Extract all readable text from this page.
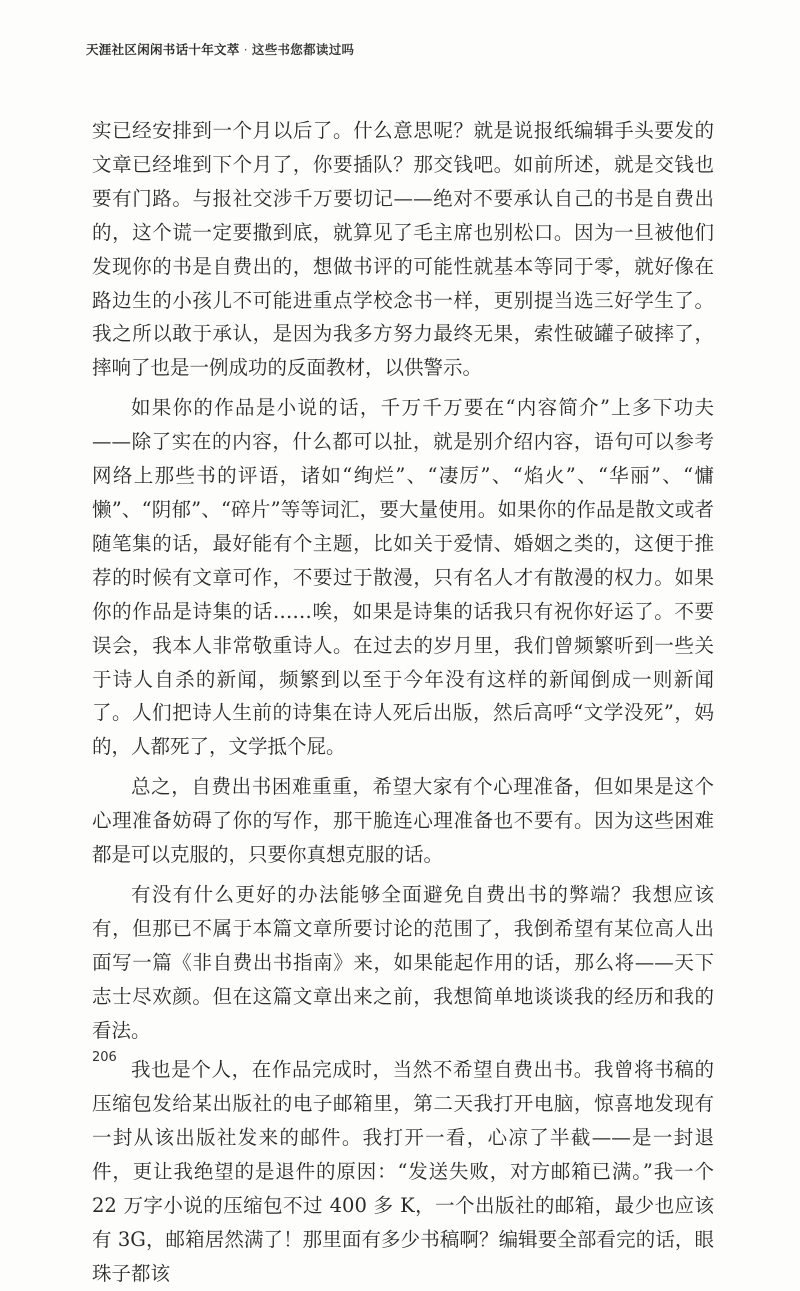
天涯社区闲闲书话十年文萃 · 这些书您都读过吗

实已经安排到一个月以后了。什么意思呢？就是说报纸编辑手头要发的文章已经堆到下个月了，你要插队？那交钱吧。如前所述，就是交钱也要有门路。与报社交涉千万要切记——绝对不要承认自己的书是自费出的，这个谎一定要撒到底，就算见了毛主席也别松口。因为一旦被他们发现你的书是自费出的，想做书评的可能性就基本等同于零，就好像在路边生的小孩儿不可能进重点学校念书一样，更别提当选三好学生了。我之所以敢于承认，是因为我多方努力最终无果，索性破罐子破摔了，摔响了也是一例成功的反面教材，以供警示。

如果你的作品是小说的话，千万千万要在“内容简介”上多下功夫——除了实在的内容，什么都可以扯，就是别介绍内容，语句可以参考网络上那些书的评语，诸如“绚烂”、“凄厉”、“焰火”、“华丽”、“慵懒”、“阴郁”、“碎片”等等词汇，要大量使用。如果你的作品是散文或者随笔集的话，最好能有个主题，比如关于爱情、婚姻之类的，这便于推荐的时候有文章可作，不要过于散漫，只有名人才有散漫的权力。如果你的作品是诗集的话……唉，如果是诗集的话我只有祝你好运了。不要误会，我本人非常敬重诗人。在过去的岁月里，我们曾频繁听到一些关于诗人自杀的新闻，频繁到以至于今年没有这样的新闻倒成一则新闻了。人们把诗人生前的诗集在诗人死后出版，然后高呼“文学没死”，妈的，人都死了，文学抵个屁。

总之，自费出书困难重重，希望大家有个心理准备，但如果是这个心理准备妨碍了你的写作，那干脆连心理准备也不要有。因为这些困难都是可以克服的，只要你真想克服的话。

有没有什么更好的办法能够全面避免自费出书的弊端？我想应该有，但那已不属于本篇文章所要讨论的范围了，我倒希望有某位高人出面写一篇《非自费出书指南》来，如果能起作用的话，那么将——天下志士尽欢颜。但在这篇文章出来之前，我想简单地谈谈我的经历和我的看法。

我也是个人，在作品完成时，当然不希望自费出书。我曾将书稿的压缩包发给某出版社的电子邮箱里，第二天我打开电脑，惊喜地发现有一封从该出版社发来的邮件。我打开一看，心凉了半截——是一封退件，更让我绝望的是退件的原因：“发送失败，对方邮箱已满。”我一个 22 万字小说的压缩包不过 400 多 K，一个出版社的邮箱，最少也应该有 3G，邮箱居然满了！那里面有多少书稿啊？编辑要全部看完的话，眼珠子都该

206
